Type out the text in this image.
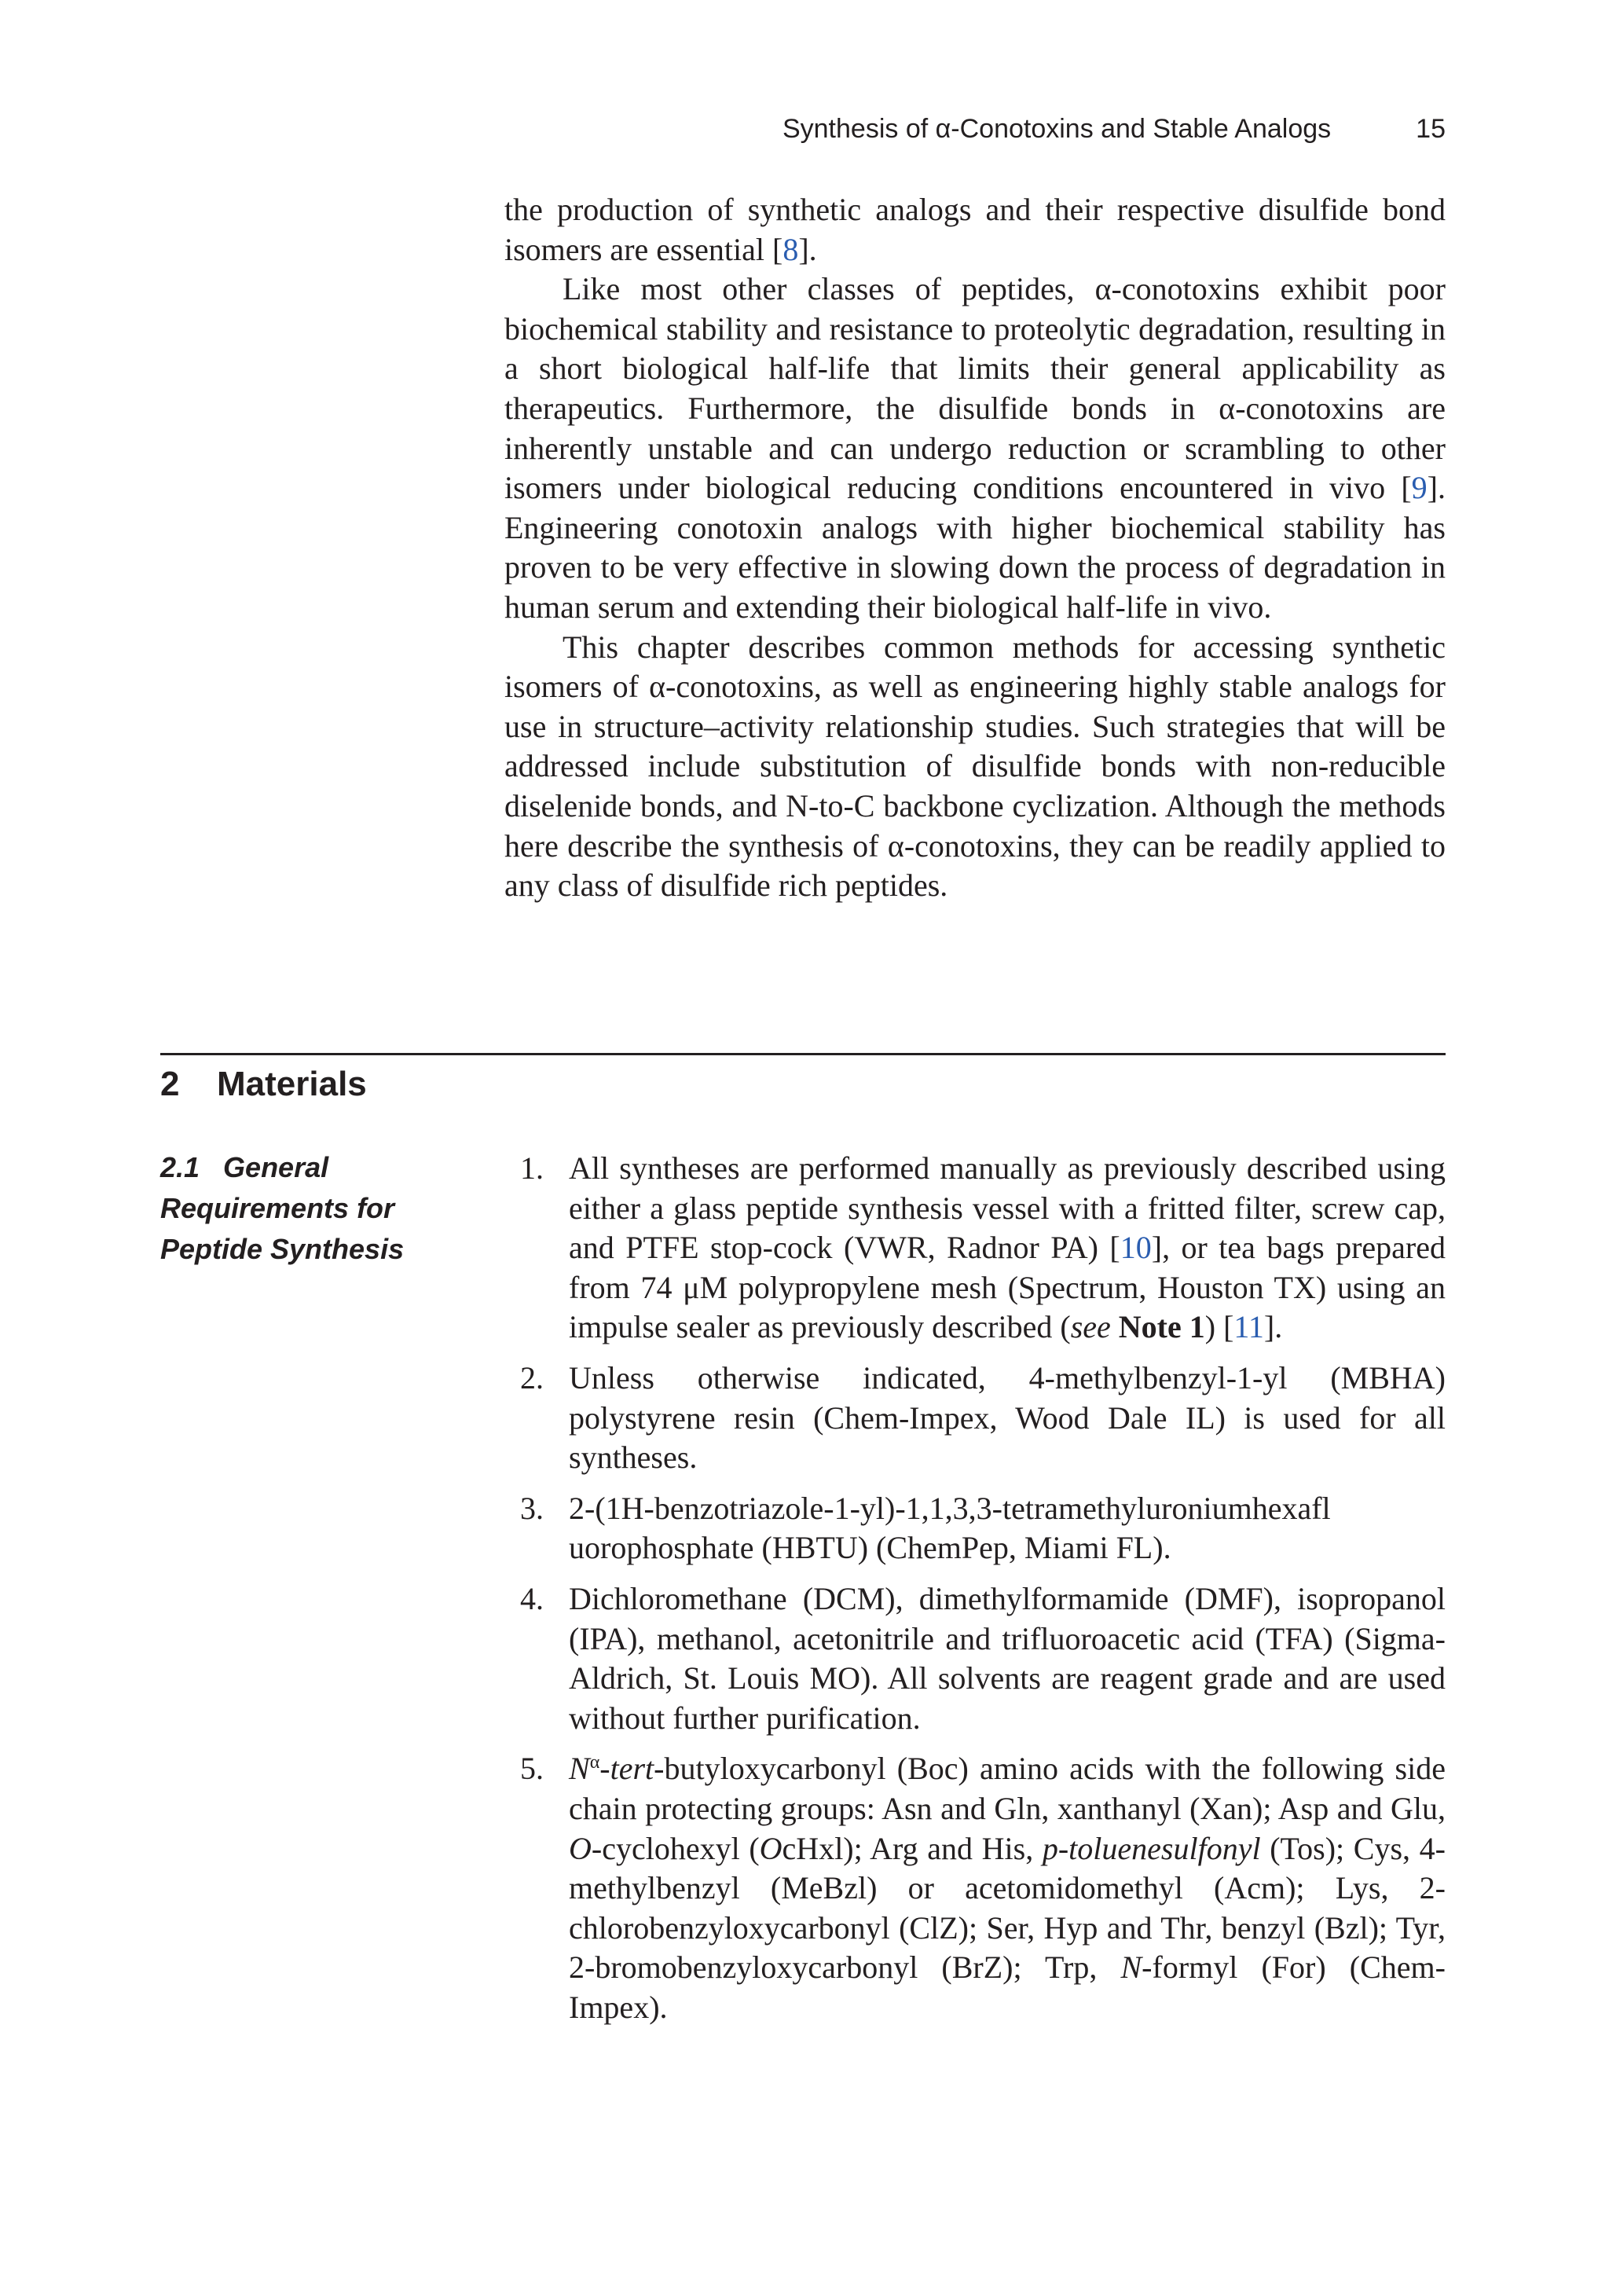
Synthesis of α-Conotoxins and Stable Analogs	15

the production of synthetic analogs and their respective disulfide bond isomers are essential [8].

Like most other classes of peptides, α-conotoxins exhibit poor biochemical stability and resistance to proteolytic degradation, resulting in a short biological half-life that limits their general applicability as therapeutics. Furthermore, the disulfide bonds in α-conotoxins are inherently unstable and can undergo reduction or scrambling to other isomers under biological reducing conditions encountered in vivo [9]. Engineering conotoxin analogs with higher biochemical stability has proven to be very effective in slowing down the process of degradation in human serum and extending their biological half-life in vivo.

This chapter describes common methods for accessing synthetic isomers of α-conotoxins, as well as engineering highly stable analogs for use in structure–activity relationship studies. Such strategies that will be addressed include substitution of disulfide bonds with non-reducible diselenide bonds, and N-to-C backbone cyclization. Although the methods here describe the synthesis of α-conotoxins, they can be readily applied to any class of disulfide rich peptides.

2 Materials
2.1 General Requirements for Peptide Synthesis
1. All syntheses are performed manually as previously described using either a glass peptide synthesis vessel with a fritted filter, screw cap, and PTFE stop-cock (VWR, Radnor PA) [10], or tea bags prepared from 74 μM polypropylene mesh (Spectrum, Houston TX) using an impulse sealer as previously described (see Note 1) [11].
2. Unless otherwise indicated, 4-methylbenzyl-1-yl (MBHA) polystyrene resin (Chem-Impex, Wood Dale IL) is used for all syntheses.
3. 2-(1H-benzotriazole-1-yl)-1,1,3,3-tetramethyluroniumhexafl uorophosphate (HBTU) (ChemPep, Miami FL).
4. Dichloromethane (DCM), dimethylformamide (DMF), isopropanol (IPA), methanol, acetonitrile and trifluoroacetic acid (TFA) (Sigma-Aldrich, St. Louis MO). All solvents are reagent grade and are used without further purification.
5. $N^\alpha-tert$-butyloxycarbonyl (Boc) amino acids with the following side chain protecting groups: Asn and Gln, xanthanyl (Xan); Asp and Glu, O-cyclohexyl (OcHxl); Arg and His, p-toluenesulfonyl (Tos); Cys, 4-methylbenzyl (MeBzl) or acetomidomethyl (Acm); Lys, 2-chlorobenzyloxycarbonyl (ClZ); Ser, Hyp and Thr, benzyl (Bzl); Tyr, 2-bromobenzyloxycarbonyl (BrZ); Trp, N-formyl (For) (Chem-Impex).
